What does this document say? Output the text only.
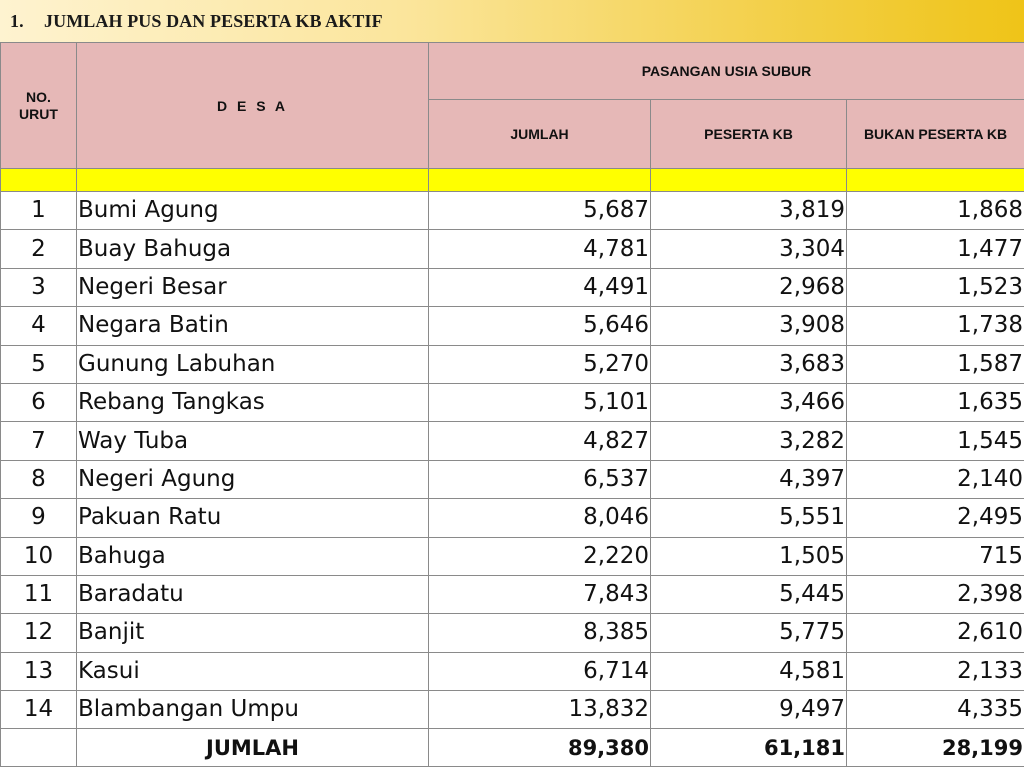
1.	JUMLAH PUS DAN PESERTA KB AKTIF
NO. URUT	D E S A	PASANGAN USIA SUBUR		
		JUMLAH	PESERTA KB	BUKAN PESERTA KB

1	Bumi Agung	5,687	3,819	1,868
2	Buay Bahuga	4,781	3,304	1,477
3	Negeri Besar	4,491	2,968	1,523
4	Negara Batin	5,646	3,908	1,738
5	Gunung Labuhan	5,270	3,683	1,587
6	Rebang Tangkas	5,101	3,466	1,635
7	Way Tuba	4,827	3,282	1,545
8	Negeri Agung	6,537	4,397	2,140
9	Pakuan Ratu	8,046	5,551	2,495
10	Bahuga	2,220	1,505	715
11	Baradatu	7,843	5,445	2,398
12	Banjit	8,385	5,775	2,610
13	Kasui	6,714	4,581	2,133
14	Blambangan Umpu	13,832	9,497	4,335
	JUMLAH	89,380	61,181	28,199
